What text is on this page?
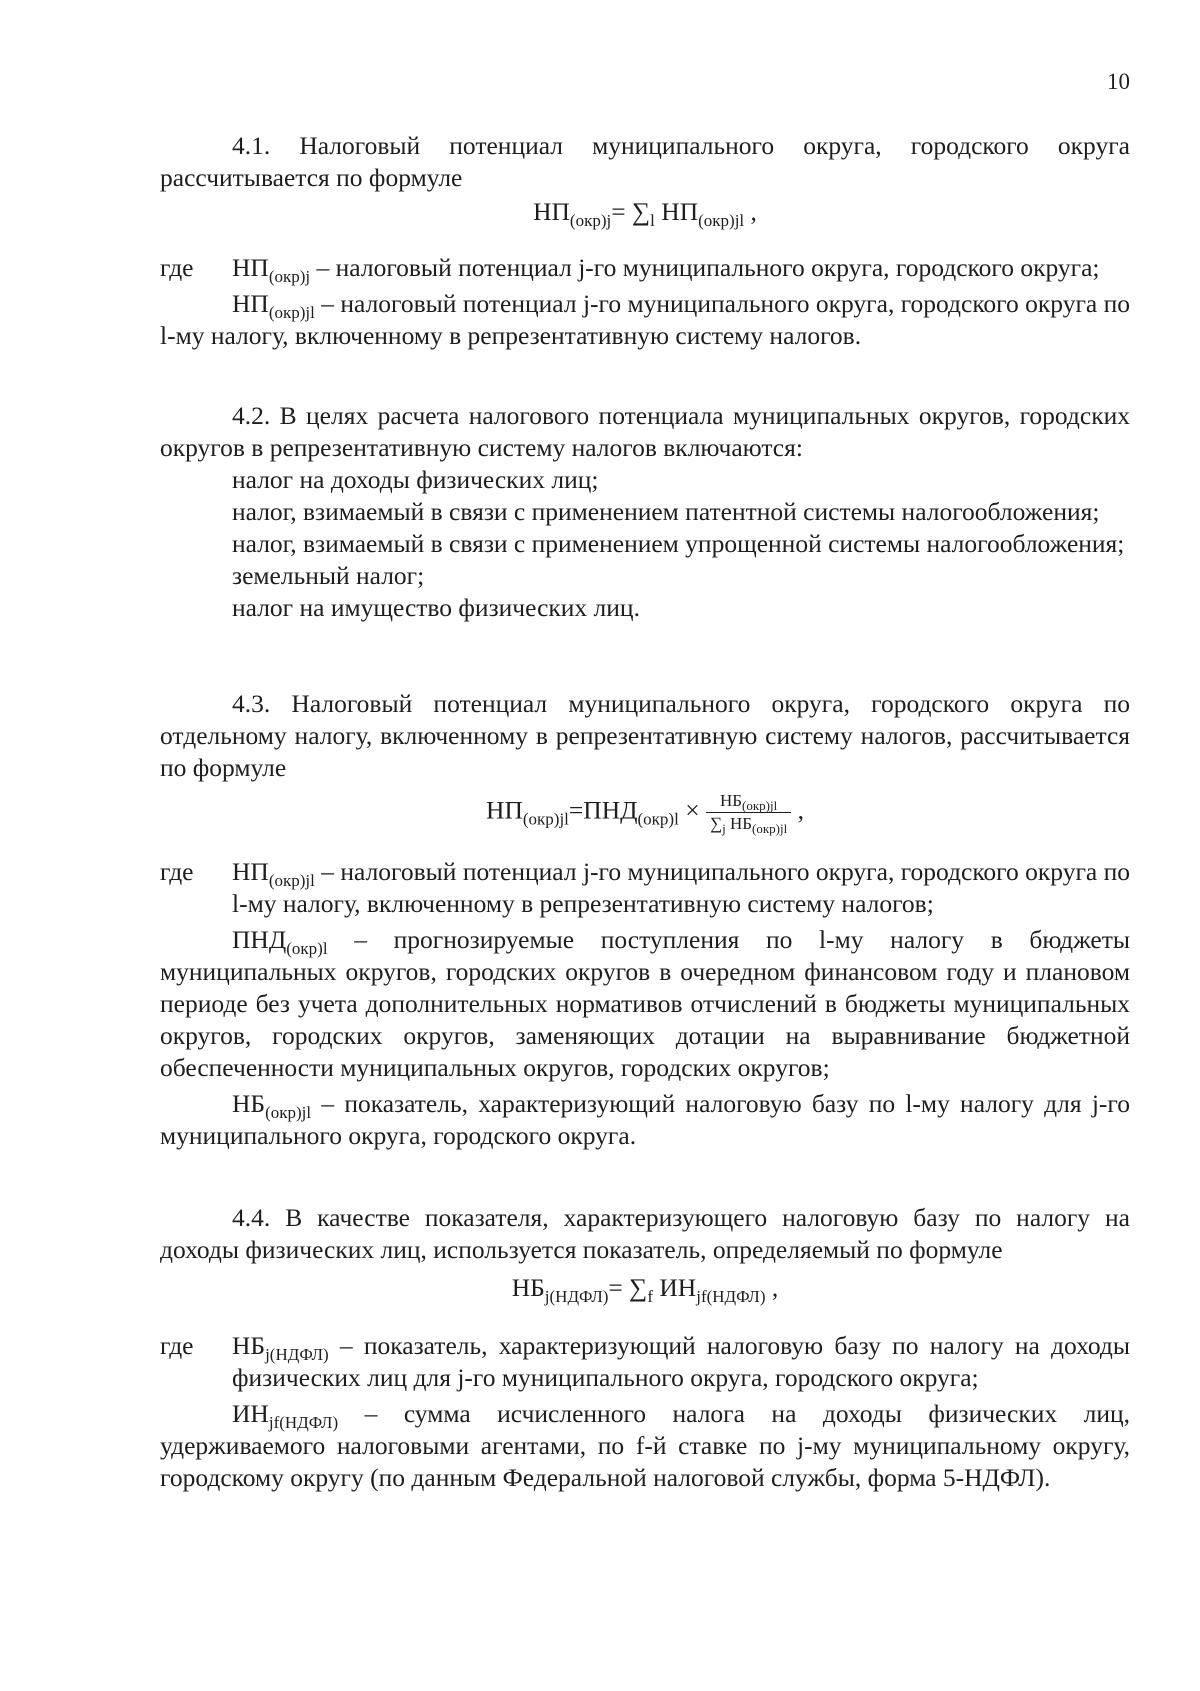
10

4.1. Налоговый потенциал муниципального округа, городского округа рассчитывается по формуле

$НП_{(окр)j}= \sum_l$ $НП_{(окр)jl}$ ,
где	$НП_{(окр)j}$ – налоговый потенциал j-го муниципального округа, городского округа;

$НП_{(окр)jl}$ – налоговый потенциал j-го муниципального округа, городского округа по l-му налогу, включенному в репрезентативную систему налогов.

4.2. В целях расчета налогового потенциала муниципальных округов, городских округов в репрезентативную систему налогов включаются:

налог на доходы физических лиц;

налог, взимаемый в связи с применением патентной системы налогообложения;

налог, взимаемый в связи с применением упрощенной системы налогообложения;

земельный налог;

налог на имущество физических лиц.

4.3. Налоговый потенциал муниципального округа, городского округа по отдельному налогу, включенному в репрезентативную систему налогов, рассчитывается по формуле

$НП_{(окр)jl}=ПНД_{(окр)l} \times \frac{НБ_{(окр)jl}}{\sum_j НБ_{(окр)jl}}$ ,
где	$НП_{(окр)jl}$ – налоговый потенциал j-го муниципального округа, городского округа по l-му налогу, включенному в репрезентативную систему налогов;

$ПНД_{(окр)l}$ – прогнозируемые поступления по l-му налогу в бюджеты муниципальных округов, городских округов в очередном финансовом году и плановом периоде без учета дополнительных нормативов отчислений в бюджеты муниципальных округов, городских округов, заменяющих дотации на выравнивание бюджетной обеспеченности муниципальных округов, городских округов;

$НБ_{(окр)jl}$ – показатель, характеризующий налоговую базу по l-му налогу для j-го муниципального округа, городского округа.

4.4. В качестве показателя, характеризующего налоговую базу по налогу на доходы физических лиц, используется показатель, определяемый по формуле

$НБ_{j(НДФЛ)}= \sum_f$ $ИН_{jf(НДФЛ)}$ ,
где	$НБ_{j(НДФЛ)}$ – показатель, характеризующий налоговую базу по налогу на доходы физических лиц для j-го муниципального округа, городского округа;

$ИН_{jf(НДФЛ)}$ – сумма исчисленного налога на доходы физических лиц, удерживаемого налоговыми агентами, по f-й ставке по j-му муниципальному округу, городскому округу (по данным Федеральной налоговой службы, форма 5-НДФЛ).
